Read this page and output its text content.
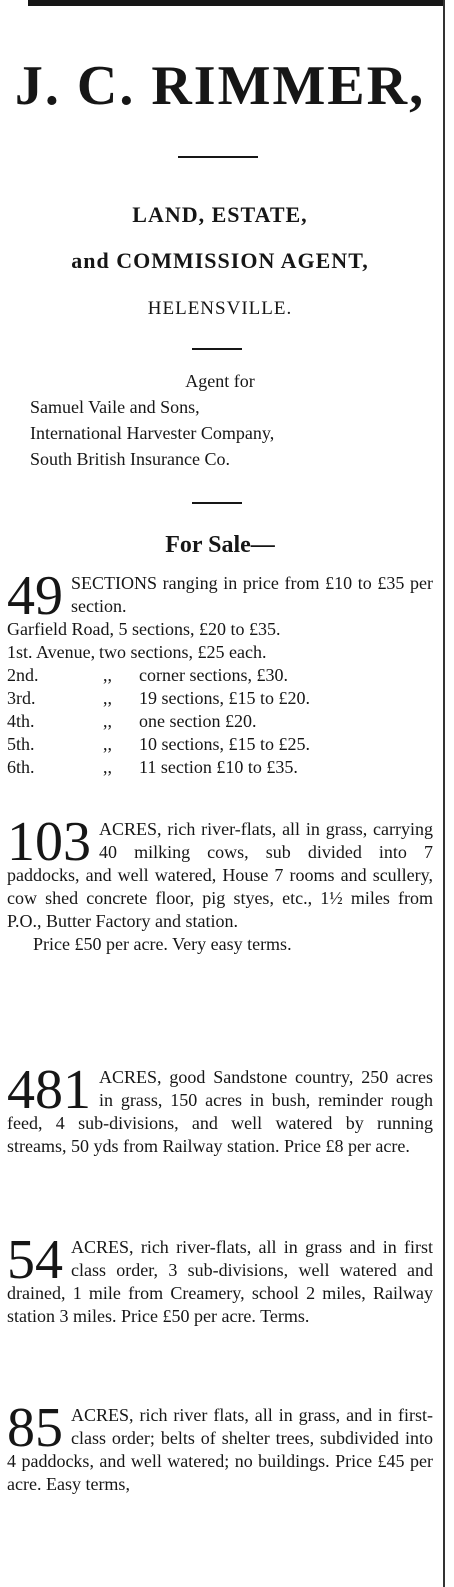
J. C. RIMMER,
LAND, ESTATE,
and COMMISSION AGENT,
HELENSVILLE.
Agent for
Samuel Vaile and Sons,
International Harvester Company,
South British Insurance Co.
For Sale—
49 SECTIONS ranging in price from £10 to £35 per section.
Garfield Road, 5 sections, £20 to £35.
1st. Avenue, two sections, £25 each.
2nd.	,,	corner sections, £30.
3rd.	,,	19 sections, £15 to £20.
4th.	,,	one section £20.
5th.	,,	10 sections, £15 to £25.
6th.	,,	11 section £10 to £35.
103 ACRES, rich river-flats, all in grass, carrying 40 milking cows, sub divided into 7 paddocks, and well watered, House 7 rooms and scullery, cow shed concrete floor, pig styes, etc., 1½ miles from P.O., Butter Factory and station.
Price £50 per acre. Very easy terms.
481 ACRES, good Sandstone country, 250 acres in grass, 150 acres in bush, reminder rough feed, 4 sub-divisions, and well watered by running streams, 50 yds from Railway station. Price £8 per acre.
54 ACRES, rich river-flats, all in grass and in first class order, 3 sub-divisions, well watered and drained, 1 mile from Creamery, school 2 miles, Railway station 3 miles. Price £50 per acre. Terms.
85 ACRES, rich river flats, all in grass, and in first-class order; belts of shelter trees, subdivided into 4 paddocks, and well watered; no buildings. Price £45 per acre. Easy terms,
